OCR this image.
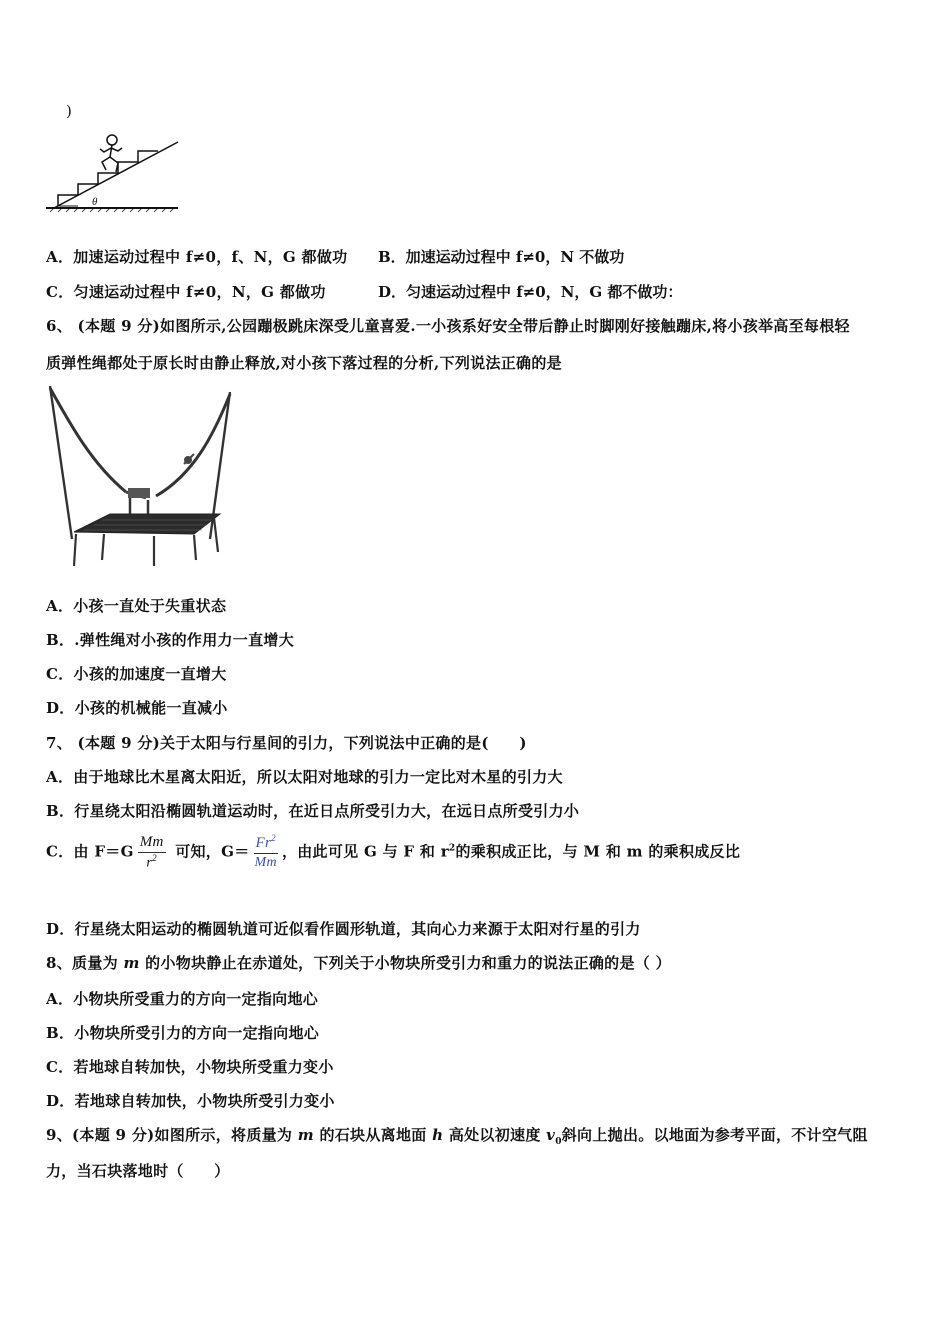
)
θ
A．加速运动过程中 f≠0，f、N，G 都做功 B．加速运动过程中 f≠0，N 不做功
C．匀速运动过程中 f≠0，N，G 都做功	D．匀速运动过程中 f≠0，N，G 都不做功：
6、 (本题 9 分)如图所示,公园蹦极跳床深受儿童喜爱.一小孩系好安全带后静止时脚刚好接触蹦床,将小孩举高至每根轻
质弹性绳都处于原长时由静止释放,对小孩下落过程的分析,下列说法正确的是
A．小孩一直处于失重状态
B．.弹性绳对小孩的作用力一直增大
C．小孩的加速度一直增大
D．小孩的机械能一直减小
7、 (本题 9 分)关于太阳与行星间的引力，下列说法中正确的是(　　)
A．由于地球比木星离太阳近，所以太阳对地球的引力一定比对木星的引力大
B．行星绕太阳沿椭圆轨道运动时，在近日点所受引力大，在远日点所受引力小
C．由 $F=G \frac{Mm}{r^2}$ 可知，$G= \frac{Fr^2}{Mm}$ ，由此可见 G 与 F 和 $r^2$的乘积成正比，与 M 和 m 的乘积成反比
D．行星绕太阳运动的椭圆轨道可近似看作圆形轨道，其向心力来源于太阳对行星的引力
8、质量为 m 的小物块静止在赤道处，下列关于小物块所受引力和重力的说法正确的是（ ）
A．小物块所受重力的方向一定指向地心
B．小物块所受引力的方向一定指向地心
C．若地球自转加快，小物块所受重力变小
D．若地球自转加快，小物块所受引力变小
9、(本题 9 分)如图所示，将质量为 m 的石块从离地面 h 高处以初速度 $v_0$斜向上抛出。以地面为参考平面，不计空气阻
力，当石块落地时（　　）
